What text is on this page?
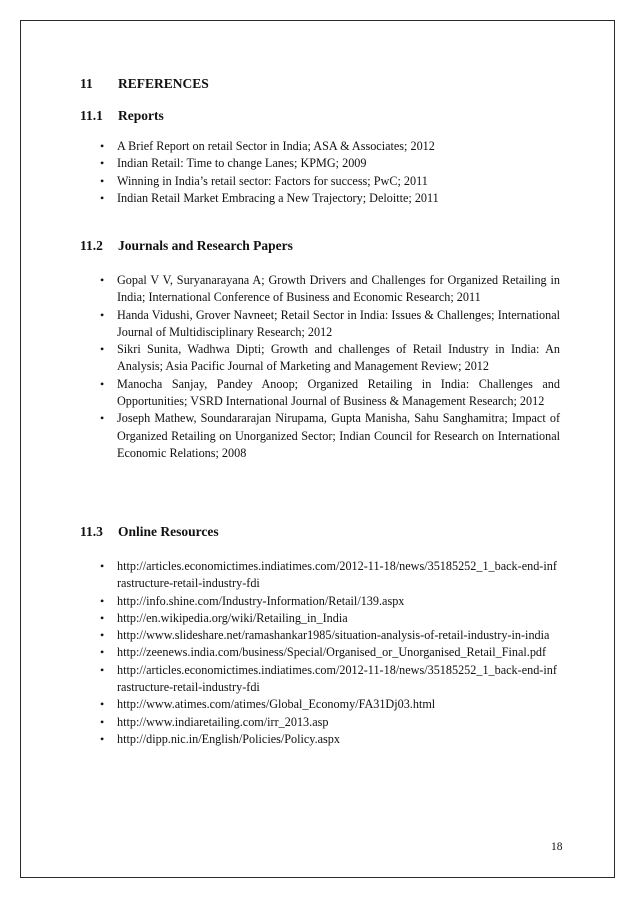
11	REFERENCES
11.1	Reports
• A Brief Report on retail Sector in India; ASA & Associates; 2012
• Indian Retail: Time to change Lanes; KPMG; 2009
• Winning in India’s retail sector: Factors for success; PwC; 2011
• Indian Retail Market Embracing a New Trajectory; Deloitte; 2011
11.2	Journals and Research Papers
• Gopal V V, Suryanarayana A; Growth Drivers and Challenges for Organized Retailing in India; International Conference of Business and Economic Research; 2011
• Handa Vidushi, Grover Navneet; Retail Sector in India: Issues & Challenges; International Journal of Multidisciplinary Research; 2012
• Sikri Sunita, Wadhwa Dipti; Growth and challenges of Retail Industry in India: An Analysis; Asia Pacific Journal of Marketing and Management Review; 2012
• Manocha Sanjay, Pandey Anoop; Organized Retailing in India: Challenges and Opportunities; VSRD International Journal of Business & Management Research; 2012
• Joseph Mathew, Soundararajan Nirupama, Gupta Manisha, Sahu Sanghamitra; Impact of Organized Retailing on Unorganized Sector; Indian Council for Research on International Economic Relations; 2008
11.3	Online Resources
• http://articles.economictimes.indiatimes.com/2012-11-18/news/35185252_1_back-end-infrastructure-retail-industry-fdi
• http://info.shine.com/Industry-Information/Retail/139.aspx
• http://en.wikipedia.org/wiki/Retailing_in_India
• http://www.slideshare.net/ramashankar1985/situation-analysis-of-retail-industry-in-india
• http://zeenews.india.com/business/Special/Organised_or_Unorganised_Retail_Final.pdf
• http://articles.economictimes.indiatimes.com/2012-11-18/news/35185252_1_back-end-infrastructure-retail-industry-fdi
• http://www.atimes.com/atimes/Global_Economy/FA31Dj03.html
• http://www.indiaretailing.com/irr_2013.asp
• http://dipp.nic.in/English/Policies/Policy.aspx
18
